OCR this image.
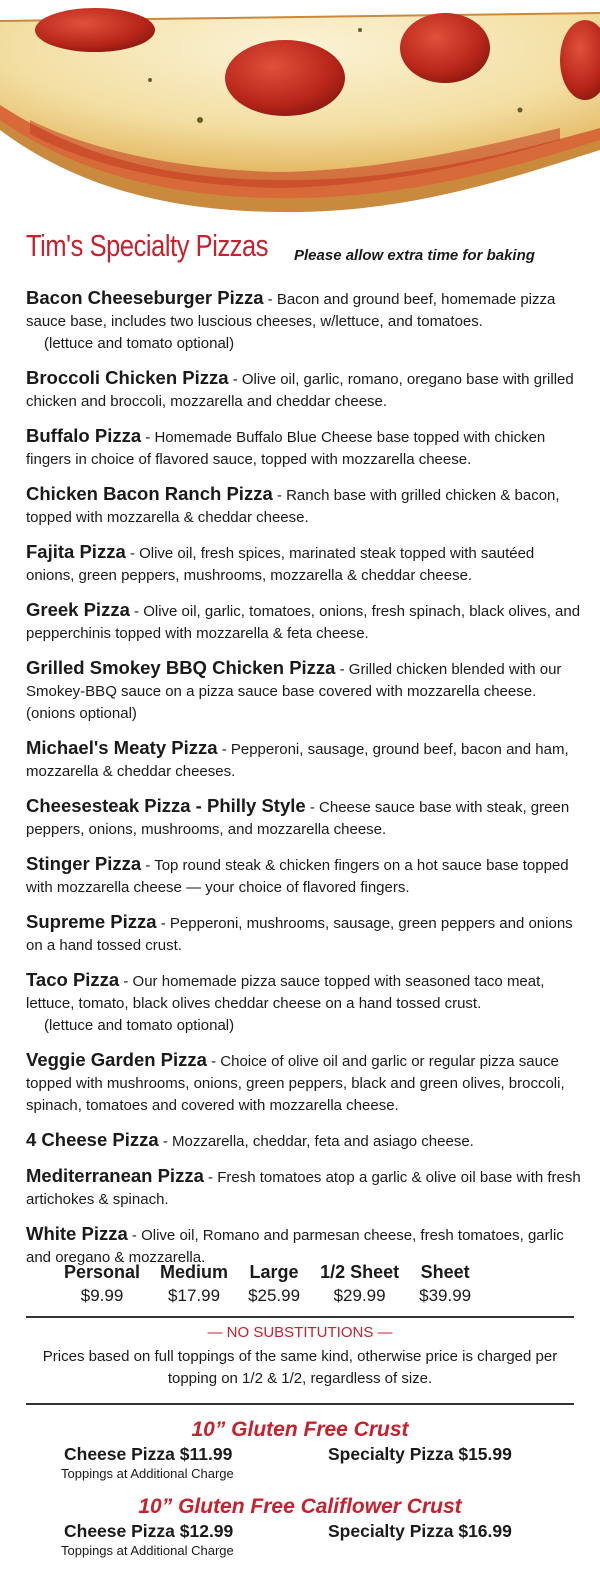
Tim's Specialty Pizzas Please allow extra time for baking
Bacon Cheeseburger Pizza - Bacon and ground beef, homemade pizza sauce base, includes two luscious cheeses, w/lettuce, and tomatoes.
(lettuce and tomato optional)
Broccoli Chicken Pizza - Olive oil, garlic, romano, oregano base with grilled chicken and broccoli, mozzarella and cheddar cheese.
Buffalo Pizza - Homemade Buffalo Blue Cheese base topped with chicken fingers in choice of flavored sauce, topped with mozzarella cheese.
Chicken Bacon Ranch Pizza - Ranch base with grilled chicken & bacon, topped with mozzarella & cheddar cheese.
Fajita Pizza - Olive oil, fresh spices, marinated steak topped with sautéed onions, green peppers, mushrooms, mozzarella & cheddar cheese.
Greek Pizza - Olive oil, garlic, tomatoes, onions, fresh spinach, black olives, and pepperchinis topped with mozzarella & feta cheese.
Grilled Smokey BBQ Chicken Pizza - Grilled chicken blended with our Smokey-BBQ sauce on a pizza sauce base covered with mozzarella cheese. (onions optional)
Michael's Meaty Pizza - Pepperoni, sausage, ground beef, bacon and ham, mozzarella & cheddar cheeses.
Cheesesteak Pizza - Philly Style - Cheese sauce base with steak, green peppers, onions, mushrooms, and mozzarella cheese.
Stinger Pizza - Top round steak & chicken fingers on a hot sauce base topped with mozzarella cheese — your choice of flavored fingers.
Supreme Pizza - Pepperoni, mushrooms, sausage, green peppers and onions on a hand tossed crust.
Taco Pizza - Our homemade pizza sauce topped with seasoned taco meat, lettuce, tomato, black olives cheddar cheese on a hand tossed crust.
(lettuce and tomato optional)
Veggie Garden Pizza - Choice of olive oil and garlic or regular pizza sauce topped with mushrooms, onions, green peppers, black and green olives, broccoli, spinach, tomatoes and covered with mozzarella cheese.
4 Cheese Pizza - Mozzarella, cheddar, feta and asiago cheese.
Mediterranean Pizza - Fresh tomatoes atop a garlic & olive oil base with fresh artichokes & spinach.
White Pizza - Olive oil, Romano and parmesan cheese, fresh tomatoes, garlic and oregano & mozzarella.
Personal
$9.99
Medium
$17.99
Large
$25.99
1/2 Sheet
$29.99
Sheet
$39.99
— NO SUBSTITUTIONS —
Prices based on full toppings of the same kind, otherwise price is charged per topping on 1/2 & 1/2, regardless of size.
10” Gluten Free Crust
Cheese Pizza $11.99	Specialty Pizza $15.99
Toppings at Additional Charge
10” Gluten Free Califlower Crust
Cheese Pizza $12.99	Specialty Pizza $16.99
Toppings at Additional Charge
